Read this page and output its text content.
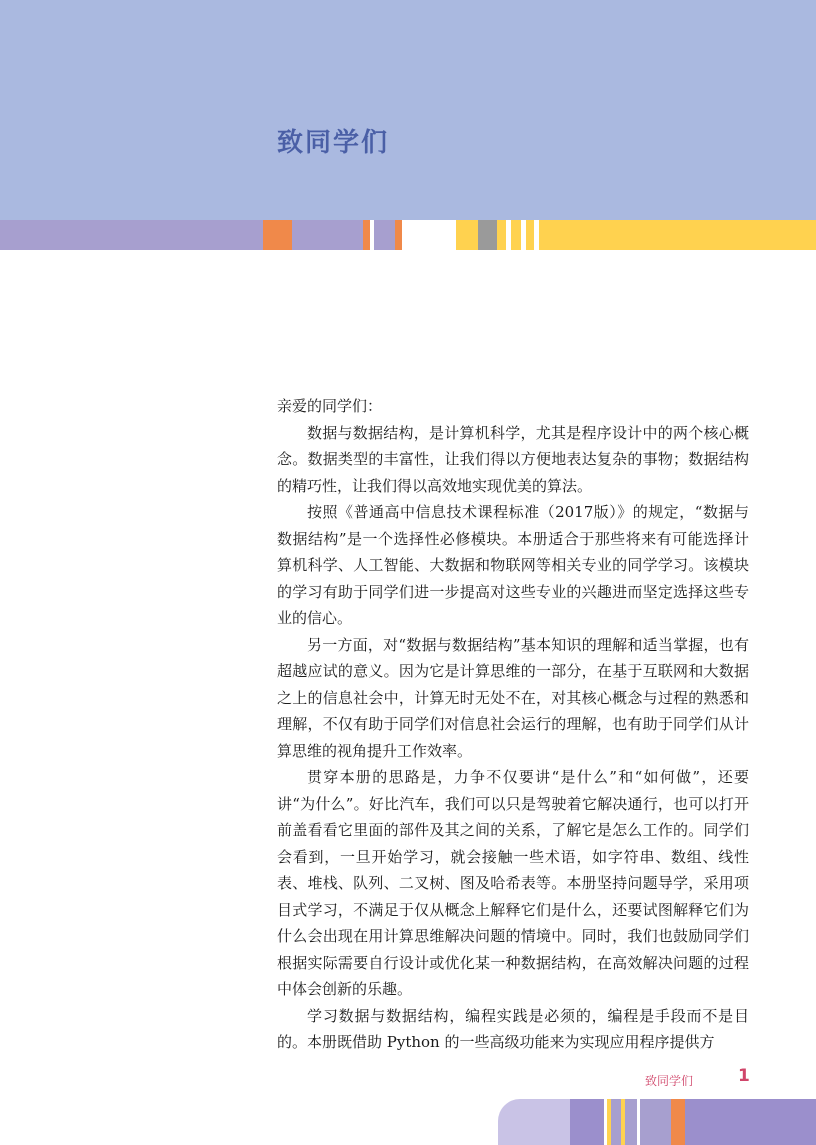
致同学们

亲爱的同学们：

数据与数据结构，是计算机科学，尤其是程序设计中的两个核心概念。数据类型的丰富性，让我们得以方便地表达复杂的事物；数据结构的精巧性，让我们得以高效地实现优美的算法。

按照《普通高中信息技术课程标准（2017版）》的规定，“数据与数据结构”是一个选择性必修模块。本册适合于那些将来有可能选择计算机科学、人工智能、大数据和物联网等相关专业的同学学习。该模块的学习有助于同学们进一步提高对这些专业的兴趣进而坚定选择这些专业的信心。

另一方面，对“数据与数据结构”基本知识的理解和适当掌握，也有超越应试的意义。因为它是计算思维的一部分，在基于互联网和大数据之上的信息社会中，计算无时无处不在，对其核心概念与过程的熟悉和理解，不仅有助于同学们对信息社会运行的理解，也有助于同学们从计算思维的视角提升工作效率。

贯穿本册的思路是，力争不仅要讲“是什么”和“如何做”，还要讲“为什么”。好比汽车，我们可以只是驾驶着它解决通行，也可以打开前盖看看它里面的部件及其之间的关系，了解它是怎么工作的。同学们会看到，一旦开始学习，就会接触一些术语，如字符串、数组、线性表、堆栈、队列、二叉树、图及哈希表等。本册坚持问题导学，采用项目式学习，不满足于仅从概念上解释它们是什么，还要试图解释它们为什么会出现在用计算思维解决问题的情境中。同时，我们也鼓励同学们根据实际需要自行设计或优化某一种数据结构，在高效解决问题的过程中体会创新的乐趣。

学习数据与数据结构，编程实践是必须的，编程是手段而不是目的。本册既借助 Python 的一些高级功能来为实现应用程序提供方

致同学们	1
